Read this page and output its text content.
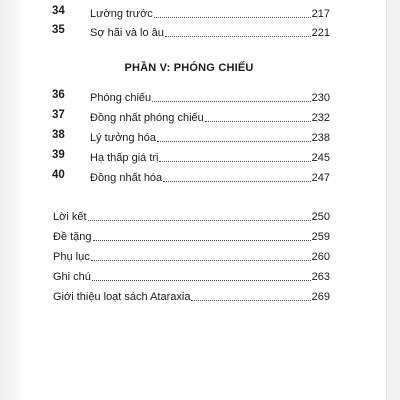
34	Lường trước	217
35	Sợ hãi và lo âu	221
PHẦN V: PHÓNG CHIẾU
36	Phóng chiếu	230
37	Đồng nhất phóng chiếu	232
38	Lý tưởng hóa	238
39	Hạ thấp giá trị	245
40	Đồng nhất hóa	247
Lời kết	250
Đề tặng	259
Phụ lục	260
Ghi chú	263
Giới thiệu loạt sách Ataraxia	269
